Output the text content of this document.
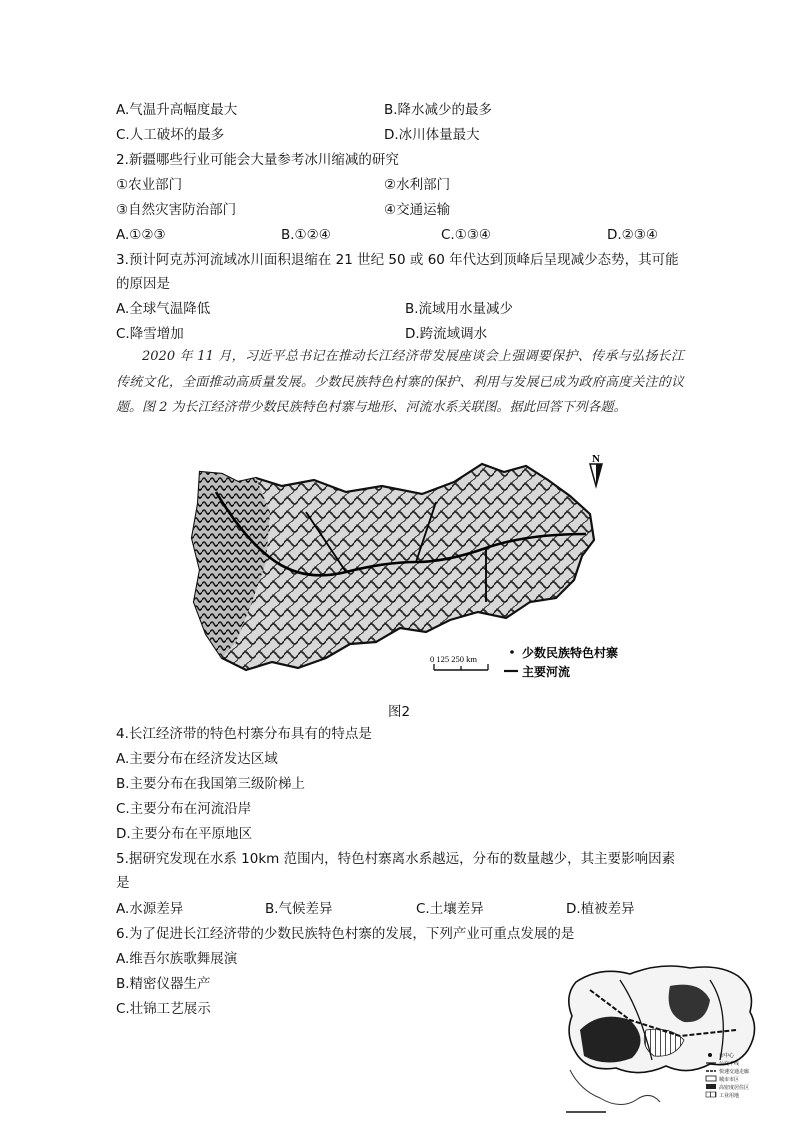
A.气温升高幅度最大	B.降水减少的最多
C.人工破坏的最多	D.冰川体量最大
2.新疆哪些行业可能会大量参考冰川缩减的研究
①农业部门	②水利部门
③自然灾害防治部门	④交通运输
A.①②③	B.①②④	C.①③④	D.②③④
3.预计阿克苏河流域冰川面积退缩在 21 世纪 50 或 60 年代达到顶峰后呈现减少态势，其可能的原因是
A.全球气温降低	B.流域用水量减少
C.降雪增加	D.跨流域调水
2020 年 11 月，习近平总书记在推动长江经济带发展座谈会上强调要保护、传承与弘扬长江传统文化，全面推动高质量发展。少数民族特色村寨的保护、利用与发展已成为政府高度关注的议题。图 2 为长江经济带少数民族特色村寨与地形、河流水系关联图。据此回答下列各题。
N
0 125 250 km	少数民族特色村寨
主要河流
图2
4.长江经济带的特色村寨分布具有的特点是
A.主要分布在经济发达区域
B.主要分布在我国第三级阶梯上
C.主要分布在河流沿岸
D.主要分布在平原地区
5.据研究发现在水系 10km 范围内，特色村寨离水系越远，分布的数量越少，其主要影响因素是
A.水源差异	B.气候差异	C.土壤差异	D.植被差异
6.为了促进长江经济带的少数民族特色村寨的发展，下列产业可重点发展的是
A.维吾尔族歌舞展演
B.精密仪器生产
C.壮锦工艺展示
市中心
公交干线
快速交通走廊
城市市区
高密度居住区
工业用地
